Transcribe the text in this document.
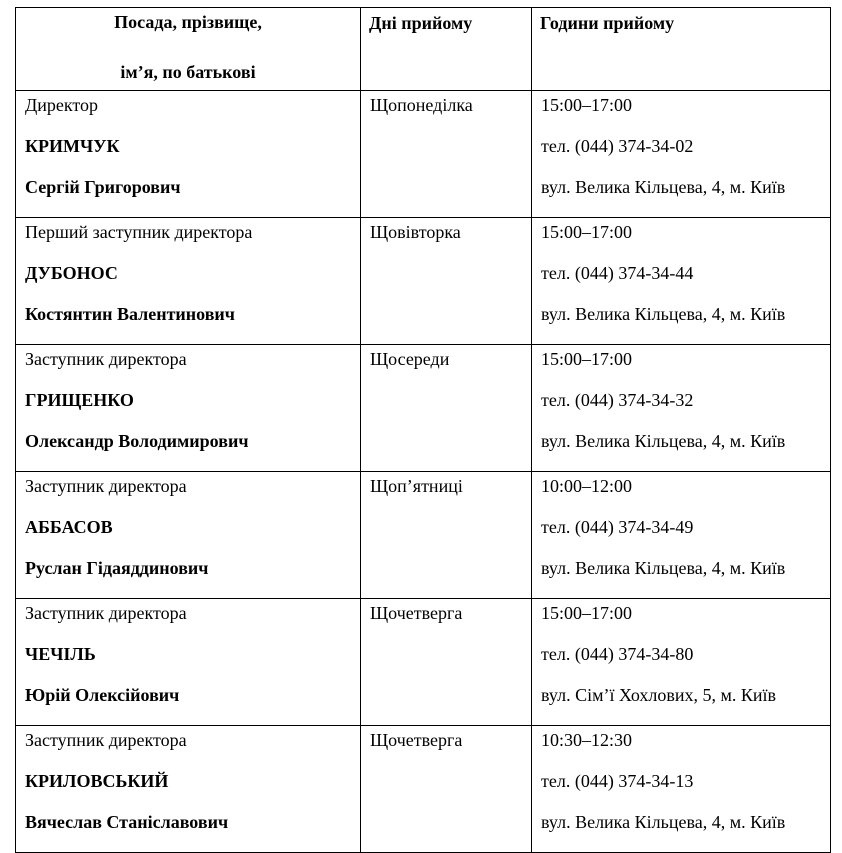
Посада, прізвище,
ім’я, по батькові	Дні прийому	Години прийому

Директор
КРИМЧУК
Сергій Григорович	Щопонеділка	15:00–17:00
тел. (044) 374-34-02
вул. Велика Кільцева, 4, м. Київ

Перший заступник директора
ДУБОНОС
Костянтин Валентинович	Щовівторка	15:00–17:00
тел. (044) 374-34-44
вул. Велика Кільцева, 4, м. Київ

Заступник директора
ГРИЩЕНКО
Олександр Володимирович	Щосереди	15:00–17:00
тел. (044) 374-34-32
вул. Велика Кільцева, 4, м. Київ

Заступник директора
АББАСОВ
Руслан Гідаяддинович	Щоп’ятниці	10:00–12:00
тел. (044) 374-34-49
вул. Велика Кільцева, 4, м. Київ

Заступник директора
ЧЕЧІЛЬ
Юрій Олексійович	Щочетверга	15:00–17:00
тел. (044) 374-34-80
вул. Сім’ї Хохлових, 5, м. Київ

Заступник директора
КРИЛОВСЬКИЙ
Вячеслав Станіславович	Щочетверга	10:30–12:30
тел. (044) 374-34-13
вул. Велика Кільцева, 4, м. Київ
